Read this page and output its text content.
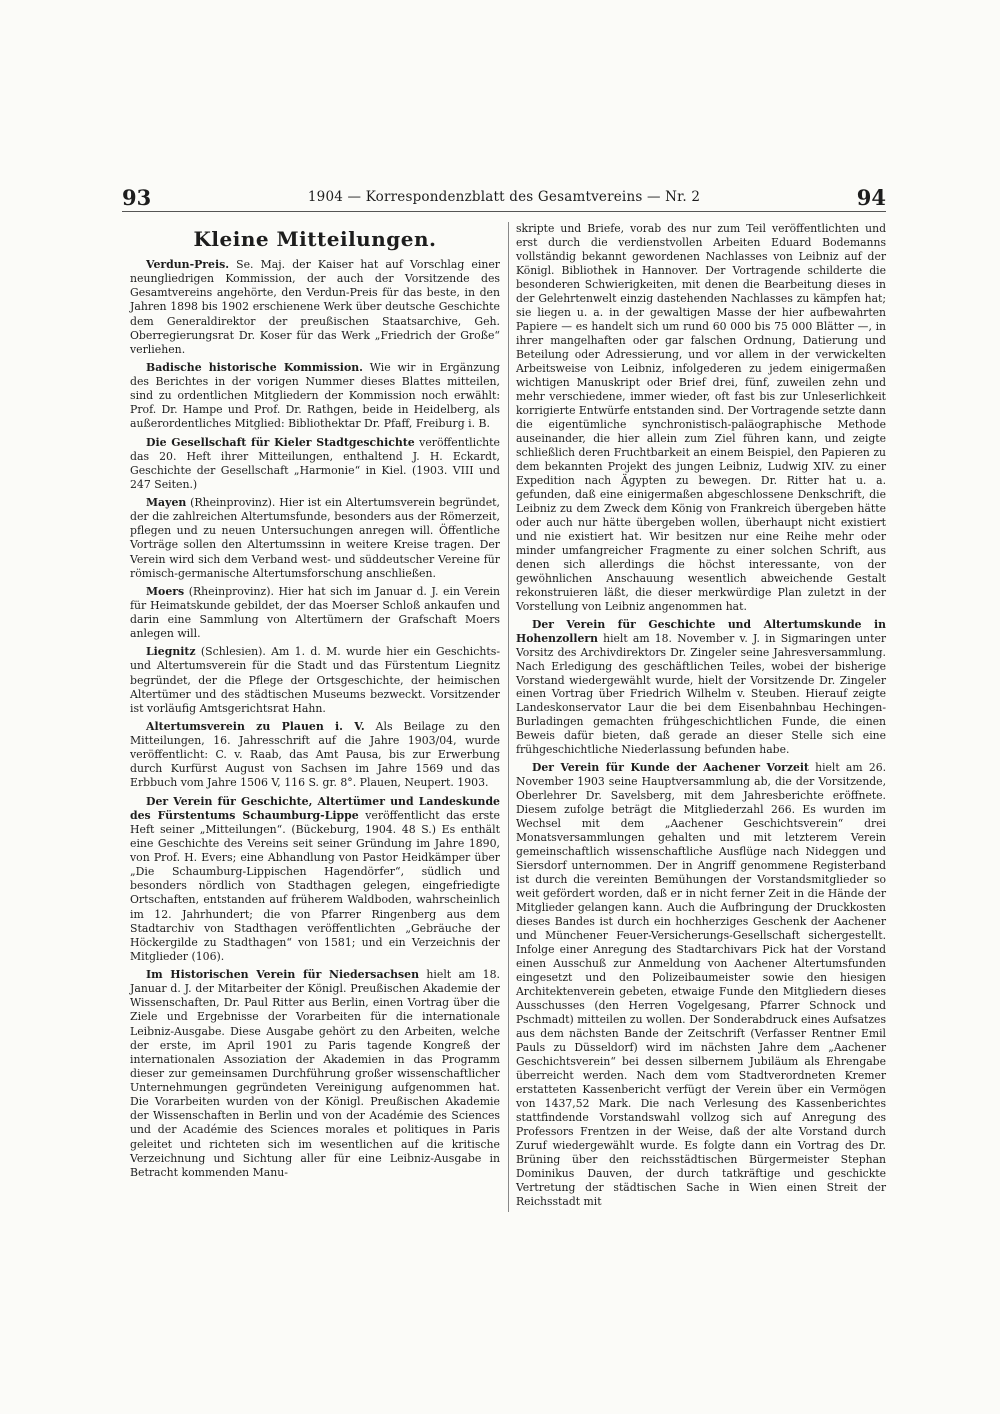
93	1904 — Korrespondenzblatt des Gesamtvereins — Nr. 2	94
Kleine Mitteilungen.

Verdun-Preis. Se. Maj. der Kaiser hat auf Vorschlag einer neungliedrigen Kommission, der auch der Vorsitzende des Gesamtvereins angehörte, den Verdun-Preis für das beste, in den Jahren 1898 bis 1902 erschienene Werk über deutsche Geschichte dem Generaldirektor der preußischen Staatsarchive, Geh. Oberregierungsrat Dr. Koser für das Werk „Friedrich der Große“ verliehen.

Badische historische Kommission. Wie wir in Ergänzung des Berichtes in der vorigen Nummer dieses Blattes mitteilen, sind zu ordentlichen Mitgliedern der Kommission noch erwählt: Prof. Dr. Hampe und Prof. Dr. Rathgen, beide in Heidelberg, als außerordentliches Mitglied: Bibliothektar Dr. Pfaff, Freiburg i. B.

Die Gesellschaft für Kieler Stadtgeschichte veröffentlichte das 20. Heft ihrer Mitteilungen, enthaltend J. H. Eckardt, Geschichte der Gesellschaft „Harmonie“ in Kiel. (1903. VIII und 247 Seiten.)

Mayen (Rheinprovinz). Hier ist ein Altertumsverein begründet, der die zahlreichen Altertumsfunde, besonders aus der Römerzeit, pflegen und zu neuen Untersuchungen anregen will. Öffentliche Vorträge sollen den Altertumssinn in weitere Kreise tragen. Der Verein wird sich dem Verband west- und süddeutscher Vereine für römisch-germanische Altertumsforschung anschließen.

Moers (Rheinprovinz). Hier hat sich im Januar d. J. ein Verein für Heimatskunde gebildet, der das Moerser Schloß ankaufen und darin eine Sammlung von Altertümern der Grafschaft Moers anlegen will.

Liegnitz (Schlesien). Am 1. d. M. wurde hier ein Geschichts- und Altertumsverein für die Stadt und das Fürstentum Liegnitz begründet, der die Pflege der Ortsgeschichte, der heimischen Altertümer und des städtischen Museums bezweckt. Vorsitzender ist vorläufig Amtsgerichtsrat Hahn.

Altertumsverein zu Plauen i. V. Als Beilage zu den Mitteilungen, 16. Jahresschrift auf die Jahre 1903/04, wurde veröffentlicht: C. v. Raab, das Amt Pausa, bis zur Erwerbung durch Kurfürst August von Sachsen im Jahre 1569 und das Erbbuch vom Jahre 1506 V, 116 S. gr. 8°. Plauen, Neupert. 1903.

Der Verein für Geschichte, Altertümer und Landeskunde des Fürstentums Schaumburg-Lippe veröffentlicht das erste Heft seiner „Mitteilungen“. (Bückeburg, 1904. 48 S.) Es enthält eine Geschichte des Vereins seit seiner Gründung im Jahre 1890, von Prof. H. Evers; eine Abhandlung von Pastor Heidkämper über „Die Schaumburg-Lippischen Hagendörfer“, südlich und besonders nördlich von Stadthagen gelegen, eingefriedigte Ortschaften, entstanden auf früherem Waldboden, wahrscheinlich im 12. Jahrhundert; die von Pfarrer Ringenberg aus dem Stadtarchiv von Stadthagen veröffentlichten „Gebräuche der Höckergilde zu Stadthagen“ von 1581; und ein Verzeichnis der Mitglieder (106).

Im Historischen Verein für Niedersachsen hielt am 18. Januar d. J. der Mitarbeiter der Königl. Preußischen Akademie der Wissenschaften, Dr. Paul Ritter aus Berlin, einen Vortrag über die Ziele und Ergebnisse der Vorarbeiten für die internationale Leibniz-Ausgabe. Diese Ausgabe gehört zu den Arbeiten, welche der erste, im April 1901 zu Paris tagende Kongreß der internationalen Assoziation der Akademien in das Programm dieser zur gemeinsamen Durchführung großer wissenschaftlicher Unternehmungen gegründeten Vereinigung aufgenommen hat. Die Vorarbeiten wurden von der Königl. Preußischen Akademie der Wissenschaften in Berlin und von der Académie des Sciences und der Académie des Sciences morales et politiques in Paris geleitet und richteten sich im wesentlichen auf die kritische Verzeichnung und Sichtung aller für eine Leibniz-Ausgabe in Betracht kommenden Manu-

skripte und Briefe, vorab des nur zum Teil veröffentlichten und erst durch die verdienstvollen Arbeiten Eduard Bodemanns vollständig bekannt gewordenen Nachlasses von Leibniz auf der Königl. Bibliothek in Hannover. Der Vortragende schilderte die besonderen Schwierigkeiten, mit denen die Bearbeitung dieses in der Gelehrtenwelt einzig dastehenden Nachlasses zu kämpfen hat; sie liegen u. a. in der gewaltigen Masse der hier aufbewahrten Papiere — es handelt sich um rund 60 000 bis 75 000 Blätter —, in ihrer mangelhaften oder gar falschen Ordnung, Datierung und Beteilung oder Adressierung, und vor allem in der verwickelten Arbeitsweise von Leibniz, infolgederen zu jedem einigermaßen wichtigen Manuskript oder Brief drei, fünf, zuweilen zehn und mehr verschiedene, immer wieder, oft fast bis zur Unleserlichkeit korrigierte Entwürfe entstanden sind. Der Vortragende setzte dann die eigentümliche synchronistisch-paläographische Methode auseinander, die hier allein zum Ziel führen kann, und zeigte schließlich deren Fruchtbarkeit an einem Beispiel, den Papieren zu dem bekannten Projekt des jungen Leibniz, Ludwig XIV. zu einer Expedition nach Ägypten zu bewegen. Dr. Ritter hat u. a. gefunden, daß eine einigermaßen abgeschlossene Denkschrift, die Leibniz zu dem Zweck dem König von Frankreich übergeben hätte oder auch nur hätte übergeben wollen, überhaupt nicht existiert und nie existiert hat. Wir besitzen nur eine Reihe mehr oder minder umfangreicher Fragmente zu einer solchen Schrift, aus denen sich allerdings die höchst interessante, von der gewöhnlichen Anschauung wesentlich abweichende Gestalt rekonstruieren läßt, die dieser merkwürdige Plan zuletzt in der Vorstellung von Leibniz angenommen hat.

Der Verein für Geschichte und Altertumskunde in Hohenzollern hielt am 18. November v. J. in Sigmaringen unter Vorsitz des Archivdirektors Dr. Zingeler seine Jahresversammlung. Nach Erledigung des geschäftlichen Teiles, wobei der bisherige Vorstand wiedergewählt wurde, hielt der Vorsitzende Dr. Zingeler einen Vortrag über Friedrich Wilhelm v. Steuben. Hierauf zeigte Landeskonservator Laur die bei dem Eisenbahnbau Hechingen-Burladingen gemachten frühgeschichtlichen Funde, die einen Beweis dafür bieten, daß gerade an dieser Stelle sich eine frühgeschichtliche Niederlassung befunden habe.

Der Verein für Kunde der Aachener Vorzeit hielt am 26. November 1903 seine Hauptversammlung ab, die der Vorsitzende, Oberlehrer Dr. Savelsberg, mit dem Jahresberichte eröffnete. Diesem zufolge beträgt die Mitgliederzahl 266. Es wurden im Wechsel mit dem „Aachener Geschichtsverein“ drei Monatsversammlungen gehalten und mit letzterem Verein gemeinschaftlich wissenschaftliche Ausflüge nach Nideggen und Siersdorf unternommen. Der in Angriff genommene Registerband ist durch die vereinten Bemühungen der Vorstandsmitglieder so weit gefördert worden, daß er in nicht ferner Zeit in die Hände der Mitglieder gelangen kann. Auch die Aufbringung der Druckkosten dieses Bandes ist durch ein hochherziges Geschenk der Aachener und Münchener Feuer-Versicherungs-Gesellschaft sichergestellt. Infolge einer Anregung des Stadtarchivars Pick hat der Vorstand einen Ausschuß zur Anmeldung von Aachener Altertumsfunden eingesetzt und den Polizeibaumeister sowie den hiesigen Architektenverein gebeten, etwaige Funde den Mitgliedern dieses Ausschusses (den Herren Vogelgesang, Pfarrer Schnock und Pschmadt) mitteilen zu wollen. Der Sonderabdruck eines Aufsatzes aus dem nächsten Bande der Zeitschrift (Verfasser Rentner Emil Pauls zu Düsseldorf) wird im nächsten Jahre dem „Aachener Geschichtsverein“ bei dessen silbernem Jubiläum als Ehrengabe überreicht werden. Nach dem vom Stadtverordneten Kremer erstatteten Kassenbericht verfügt der Verein über ein Vermögen von 1437,52 Mark. Die nach Verlesung des Kassenberichtes stattfindende Vorstandswahl vollzog sich auf Anregung des Professors Frentzen in der Weise, daß der alte Vorstand durch Zuruf wiedergewählt wurde. Es folgte dann ein Vortrag des Dr. Brüning über den reichsstädtischen Bürgermeister Stephan Dominikus Dauven, der durch tatkräftige und geschickte Vertretung der städtischen Sache in Wien einen Streit der Reichsstadt mit
